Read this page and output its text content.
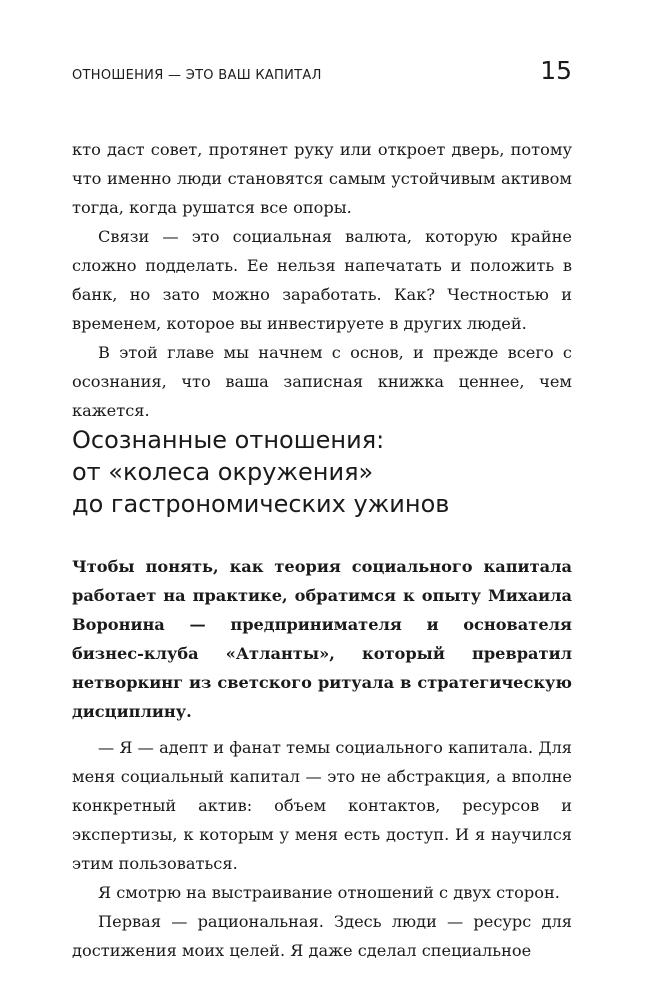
ОТНОШЕНИЯ — ЭТО ВАШ КАПИТАЛ	15

кто даст совет, протянет руку или откроет дверь, потому что именно люди становятся самым устойчивым активом тогда, когда рушатся все опоры.

Связи — это социальная валюта, которую крайне сложно подделать. Ее нельзя напечатать и положить в банк, но зато можно заработать. Как? Честностью и временем, которое вы инвестируете в других людей.

В этой главе мы начнем с основ, и прежде всего с осознания, что ваша записная книжка ценнее, чем кажется.

Осознанные отношения:
от «колеса окружения»
до гастрономических ужинов

Чтобы понять, как теория социального капитала работает на практике, обратимся к опыту Михаила Воронина — предпринимателя и основателя бизнес-клуба «Атланты», который превратил нетворкинг из светского ритуала в стратегическую дисциплину.

— Я — адепт и фанат темы социального капитала. Для меня социальный капитал — это не абстракция, а вполне конкретный актив: объем контактов, ресурсов и экспертизы, к которым у меня есть доступ. И я научился этим пользоваться.

Я смотрю на выстраивание отношений с двух сторон.

Первая — рациональная. Здесь люди — ресурс для достижения моих целей. Я даже сделал специальное
